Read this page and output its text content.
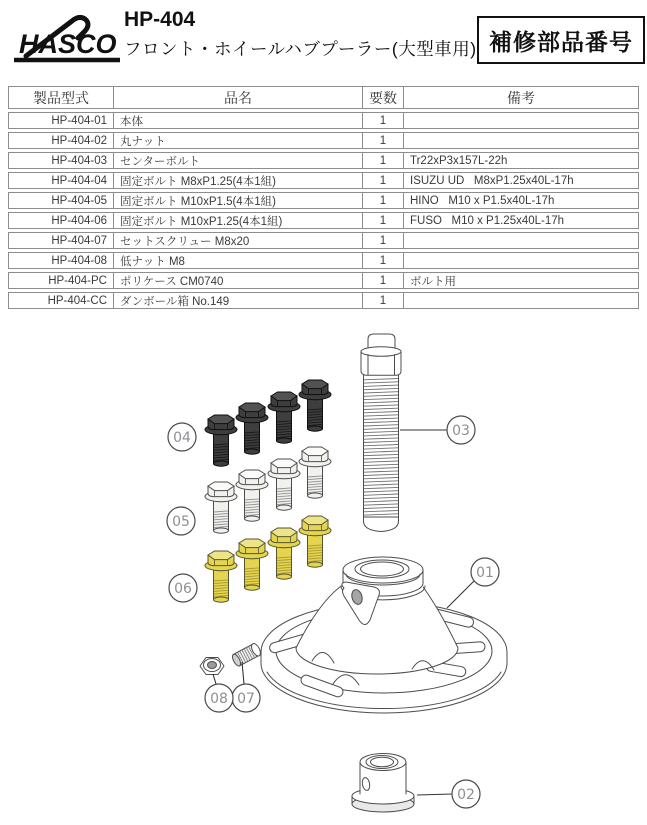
HASCO
HP-404
フロント・ホイールハブプーラー(大型車用) 補修部品番号
製品型式	品名	要数	備考
HP-404-01	本体	1
HP-404-02	丸ナット	1
HP-404-03	センターボルト	1	Tr22xP3x157L-22h
HP-404-04	固定ボルト M8xP1.25(4本1組)	1	ISUZU UD   M8xP1.25x40L-17h
HP-404-05	固定ボルト M10xP1.5(4本1組)	1	HINO   M10 x P1.5x40L-17h
HP-404-06	固定ボルト M10xP1.25(4本1組)	1	FUSO   M10 x P1.25x40L-17h
HP-404-07	セットスクリュー M8x20	1
HP-404-08	低ナット M8	1
HP-404-PC	ポリケース CM0740	1	ボルト用
HP-404-CC	ダンボール箱 No.149	1
01
02
03
04
05
06
07
08
